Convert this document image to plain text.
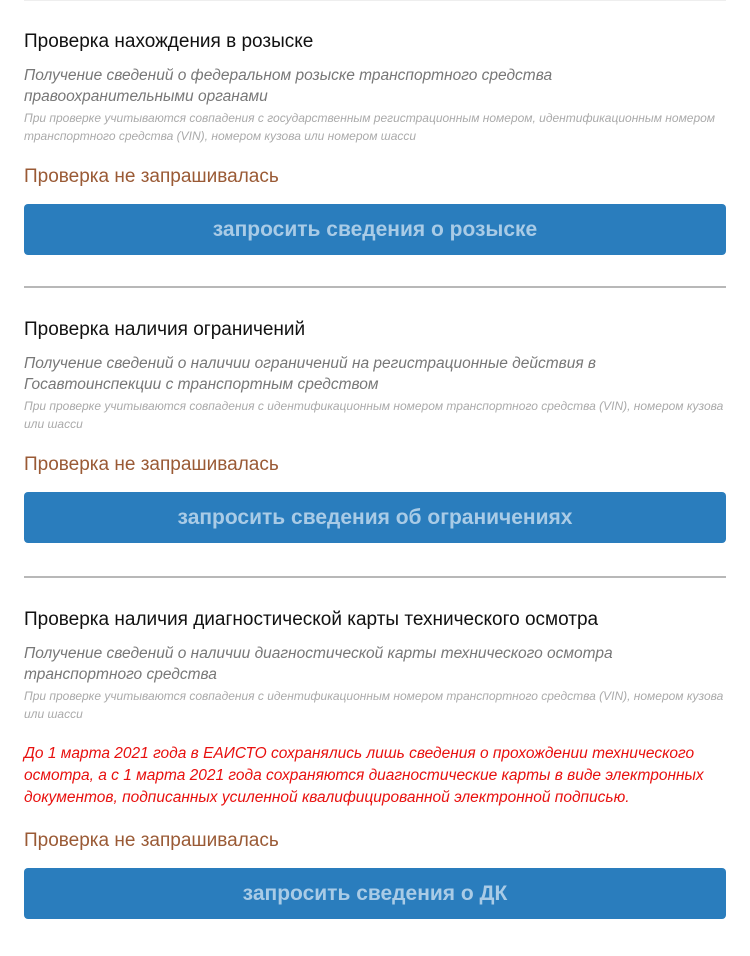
Проверка нахождения в розыске
Получение сведений о федеральном розыске транспортного средства правоохранительными органами
При проверке учитываются совпадения с государственным регистрационным номером, идентификационным номером транспортного средства (VIN), номером кузова или номером шасси
Проверка не запрашивалась
запросить сведения о розыске
Проверка наличия ограничений
Получение сведений о наличии ограничений на регистрационные действия в Госавтоинспекции с транспортным средством
При проверке учитываются совпадения с идентификационным номером транспортного средства (VIN), номером кузова или шасси
Проверка не запрашивалась
запросить сведения об ограничениях
Проверка наличия диагностической карты технического осмотра
Получение сведений о наличии диагностической карты технического осмотра транспортного средства
При проверке учитываются совпадения с идентификационным номером транспортного средства (VIN), номером кузова или шасси
До 1 марта 2021 года в ЕАИСТО сохранялись лишь сведения о прохождении технического осмотра, а с 1 марта 2021 года сохраняются диагностические карты в виде электронных документов, подписанных усиленной квалифицированной электронной подписью.
Проверка не запрашивалась
запросить сведения о ДК
